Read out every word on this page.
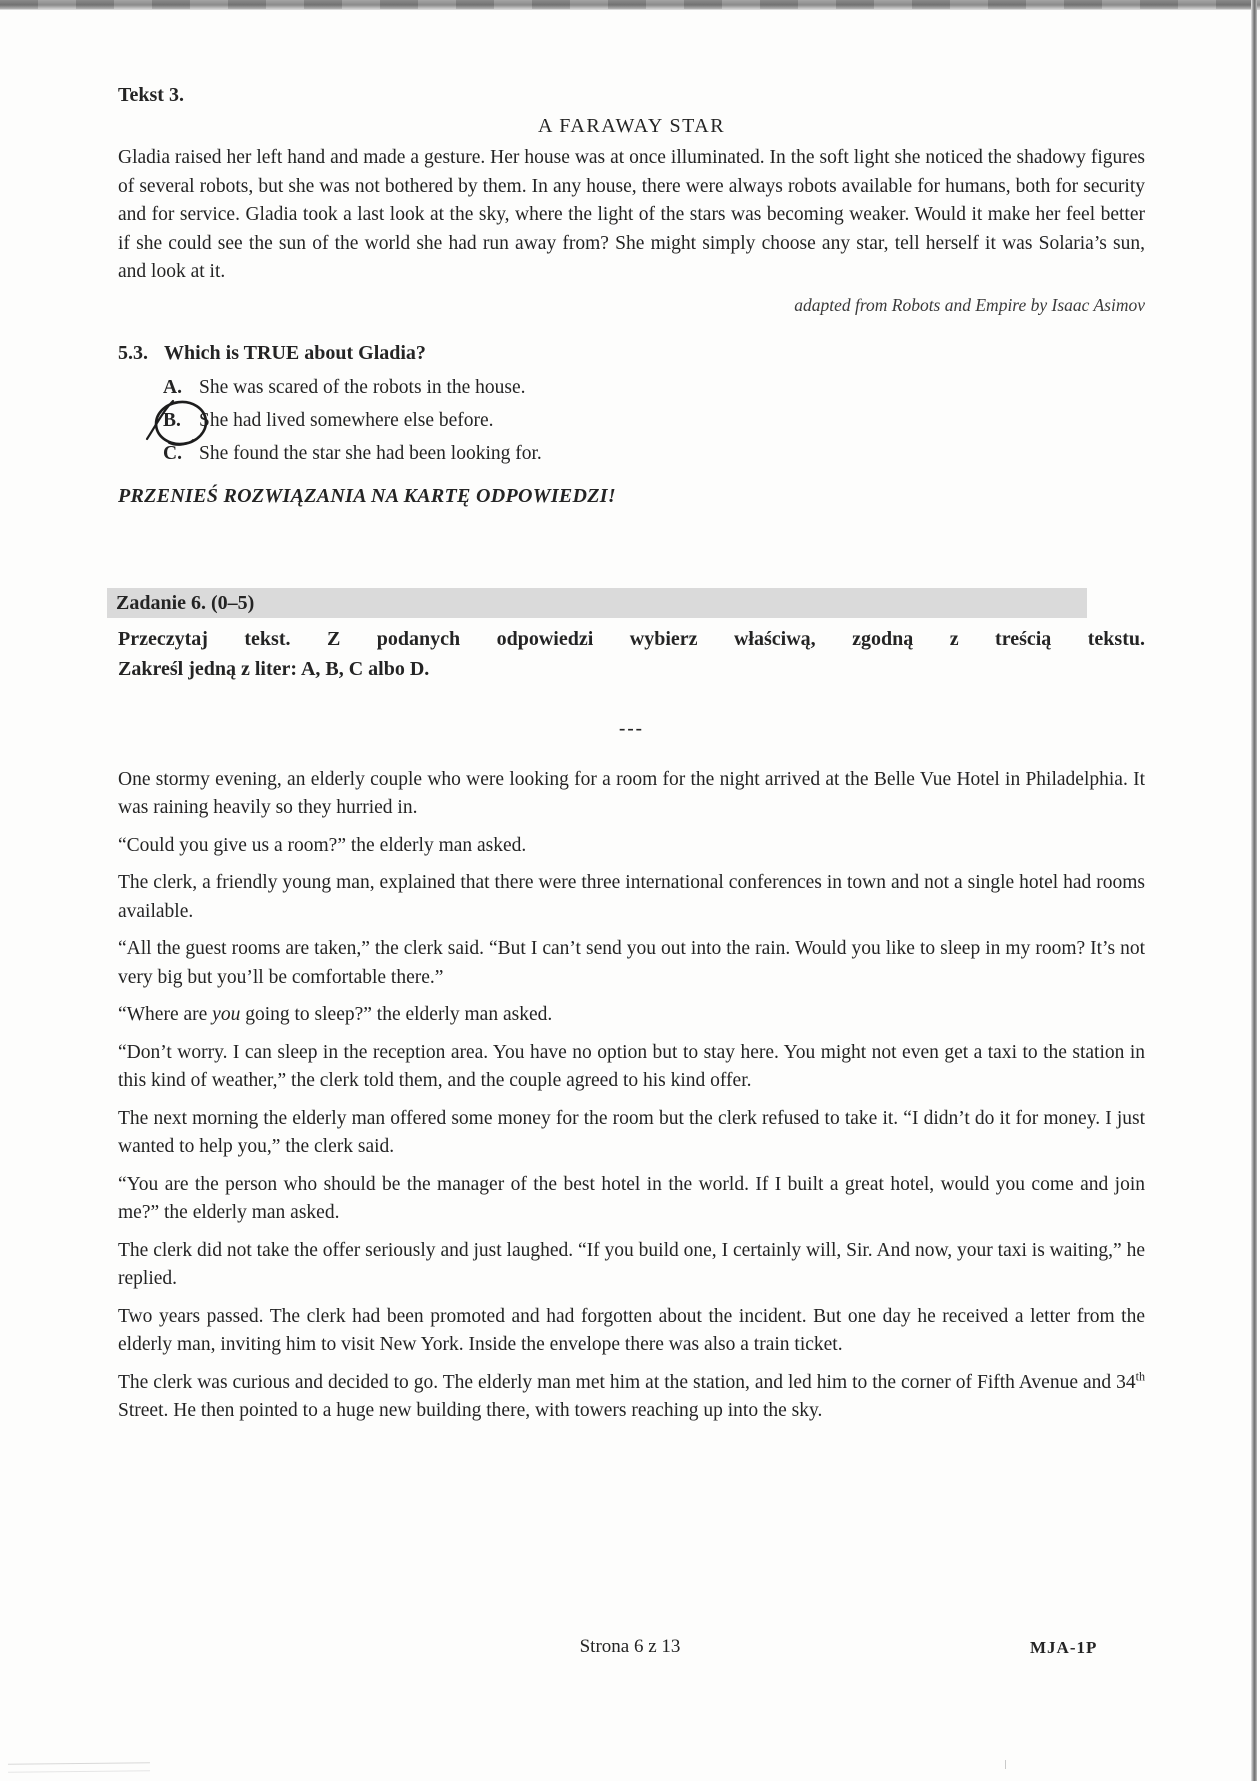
Tekst 3.
A FARAWAY STAR
Gladia raised her left hand and made a gesture. Her house was at once illuminated. In the soft light she noticed the shadowy figures of several robots, but she was not bothered by them. In any house, there were always robots available for humans, both for security and for service. Gladia took a last look at the sky, where the light of the stars was becoming weaker. Would it make her feel better if she could see the sun of the world she had run away from? She might simply choose any star, tell herself it was Solaria’s sun, and look at it.
adapted from Robots and Empire by Isaac Asimov
5.3. Which is TRUE about Gladia?
A. She was scared of the robots in the house.
B. She had lived somewhere else before.
C. She found the star she had been looking for.
PRZENIEŚ ROZWIĄZANIA NA KARTĘ ODPOWIEDZI!
Zadanie 6. (0–5)
Przeczytaj tekst. Z podanych odpowiedzi wybierz właściwą, zgodną z treścią tekstu.
Zakreśl jedną z liter: A, B, C albo D.
---

One stormy evening, an elderly couple who were looking for a room for the night arrived at the Belle Vue Hotel in Philadelphia. It was raining heavily so they hurried in.

“Could you give us a room?” the elderly man asked.

The clerk, a friendly young man, explained that there were three international conferences in town and not a single hotel had rooms available.

“All the guest rooms are taken,” the clerk said. “But I can’t send you out into the rain. Would you like to sleep in my room? It’s not very big but you’ll be comfortable there.”

“Where are you going to sleep?” the elderly man asked.

“Don’t worry. I can sleep in the reception area. You have no option but to stay here. You might not even get a taxi to the station in this kind of weather,” the clerk told them, and the couple agreed to his kind offer.

The next morning the elderly man offered some money for the room but the clerk refused to take it. “I didn’t do it for money. I just wanted to help you,” the clerk said.

“You are the person who should be the manager of the best hotel in the world. If I built a great hotel, would you come and join me?” the elderly man asked.

The clerk did not take the offer seriously and just laughed. “If you build one, I certainly will, Sir. And now, your taxi is waiting,” he replied.

Two years passed. The clerk had been promoted and had forgotten about the incident. But one day he received a letter from the elderly man, inviting him to visit New York. Inside the envelope there was also a train ticket.

The clerk was curious and decided to go. The elderly man met him at the station, and led him to the corner of Fifth Avenue and 34th Street. He then pointed to a huge new building there, with towers reaching up into the sky.

Strona 6 z 13	MJA-1P
